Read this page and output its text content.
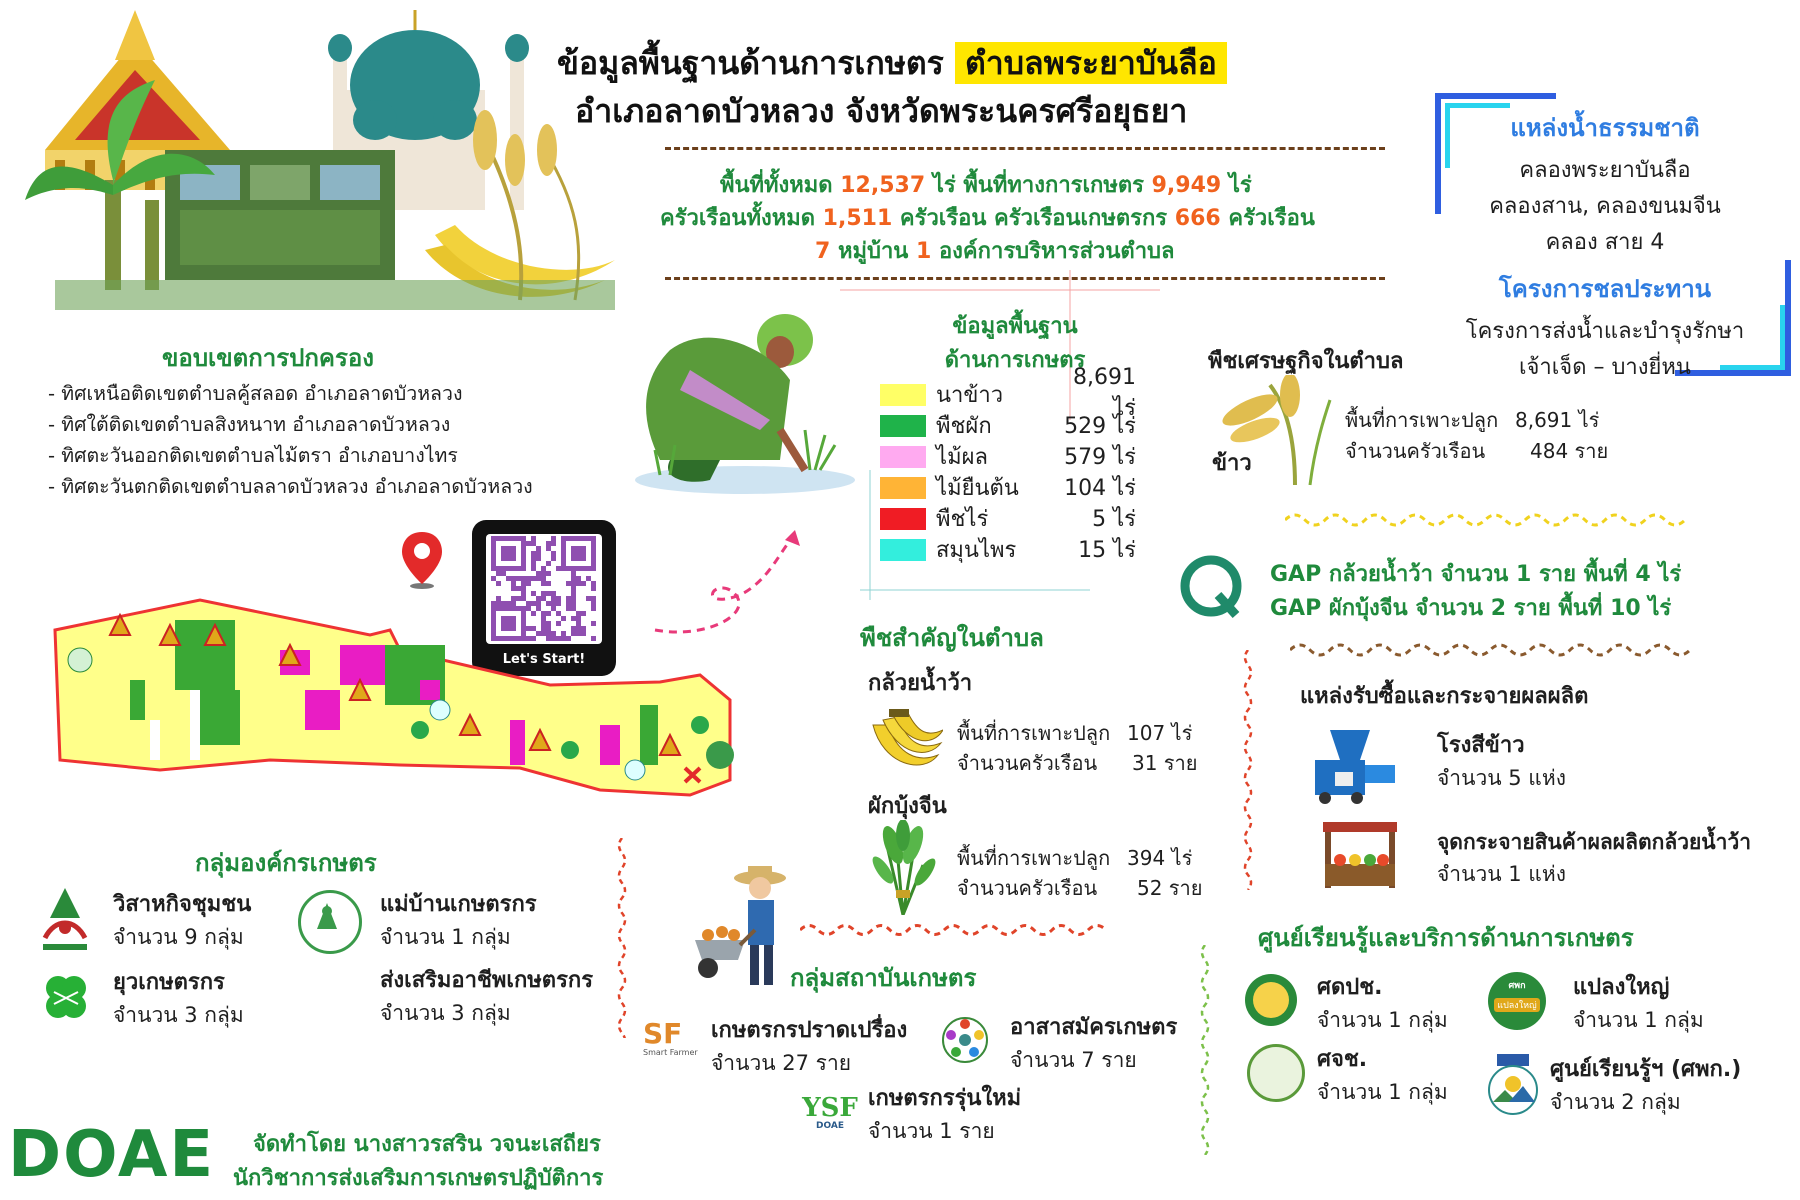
ข้อมูลพื้นฐานด้านการเกษตร ตำบลพระยาบันลือ
อำเภอลาดบัวหลวง จังหวัดพระนครศรีอยุธยา
พื้นที่ทั้งหมด 12,537 ไร่ พื้นที่ทางการเกษตร 9,949 ไร่
ครัวเรือนทั้งหมด 1,511 ครัวเรือน ครัวเรือนเกษตรกร 666 ครัวเรือน
7 หมู่บ้าน 1 องค์การบริหารส่วนตำบล
แหล่งน้ำธรรมชาติ
คลองพระยาบันลือ
คลองสาน, คลองขนมจีน
คลอง สาย 4
โครงการชลประทาน
โครงการส่งน้ำและบำรุงรักษา
เจ้าเจ็ด – บางยี่หน
ขอบเขตการปกครอง
- ทิศเหนือติดเขตตำบลคู้สลอด อำเภอลาดบัวหลวง
- ทิศใต้ติดเขตตำบลสิงหนาท อำเภอลาดบัวหลวง
- ทิศตะวันออกติดเขตตำบลไม้ตรา อำเภอบางไทร
- ทิศตะวันตกติดเขตตำบลลาดบัวหลวง อำเภอลาดบัวหลวง
ข้อมูลพื้นฐาน
ด้านการเกษตร
นาข้าว
8,691 ไร่
พืชผัก	529 ไร่
ไม้ผล	579 ไร่
ไม้ยืนต้น	104 ไร่
พืชไร่	5 ไร่
สมุนไพร	15 ไร่
พืชเศรษฐกิจในตำบล
ข้าว
พื้นที่การเพาะปลูก 8,691 ไร่
จำนวนครัวเรือน	484 ราย
GAP กล้วยน้ำว้า จำนวน 1 ราย พื้นที่ 4 ไร่
GAP ผักบุ้งจีน จำนวน 2 ราย พื้นที่ 10 ไร่
Let's Start!
พืชสำคัญในตำบล
กล้วยน้ำว้า
พื้นที่การเพาะปลูก 107 ไร่
จำนวนครัวเรือน	31 ราย
ผักบุ้งจีน
พื้นที่การเพาะปลูก 394 ไร่
จำนวนครัวเรือน	52 ราย
แหล่งรับซื้อและกระจายผลผลิต
โรงสีข้าว
จำนวน 5 แห่ง
จุดกระจายสินค้าผลผลิตกล้วยน้ำว้า
จำนวน 1 แห่ง
ศูนย์เรียนรู้และบริการด้านการเกษตร
ศดปช.
จำนวน 1 กลุ่ม
ศพก
แปลงใหญ่
แปลงใหญ่
จำนวน 1 กลุ่ม
ศจช.
จำนวน 1 กลุ่ม
ศูนย์เรียนรู้ฯ (ศพก.)
จำนวน 2 กลุ่ม
กลุ่มองค์กรเกษตร
วิสาหกิจชุมชน
จำนวน 9 กลุ่ม
แม่บ้านเกษตรกร
จำนวน 1 กลุ่ม
ยุวเกษตรกร
จำนวน 3 กลุ่ม
ส่งเสริมอาชีพเกษตรกร
จำนวน 3 กลุ่ม
กลุ่มสถาบันเกษตร
SF
Smart Farmer
เกษตรกรปราดเปรื่อง
จำนวน 27 ราย
อาสาสมัครเกษตร
จำนวน 7 ราย
YSF
DOAE
เกษตรกรรุ่นใหม่
จำนวน 1 ราย
DOAE	จัดทำโดย นางสาวรสริน วจนะเสถียร
นักวิชาการส่งเสริมการเกษตรปฏิบัติการ
